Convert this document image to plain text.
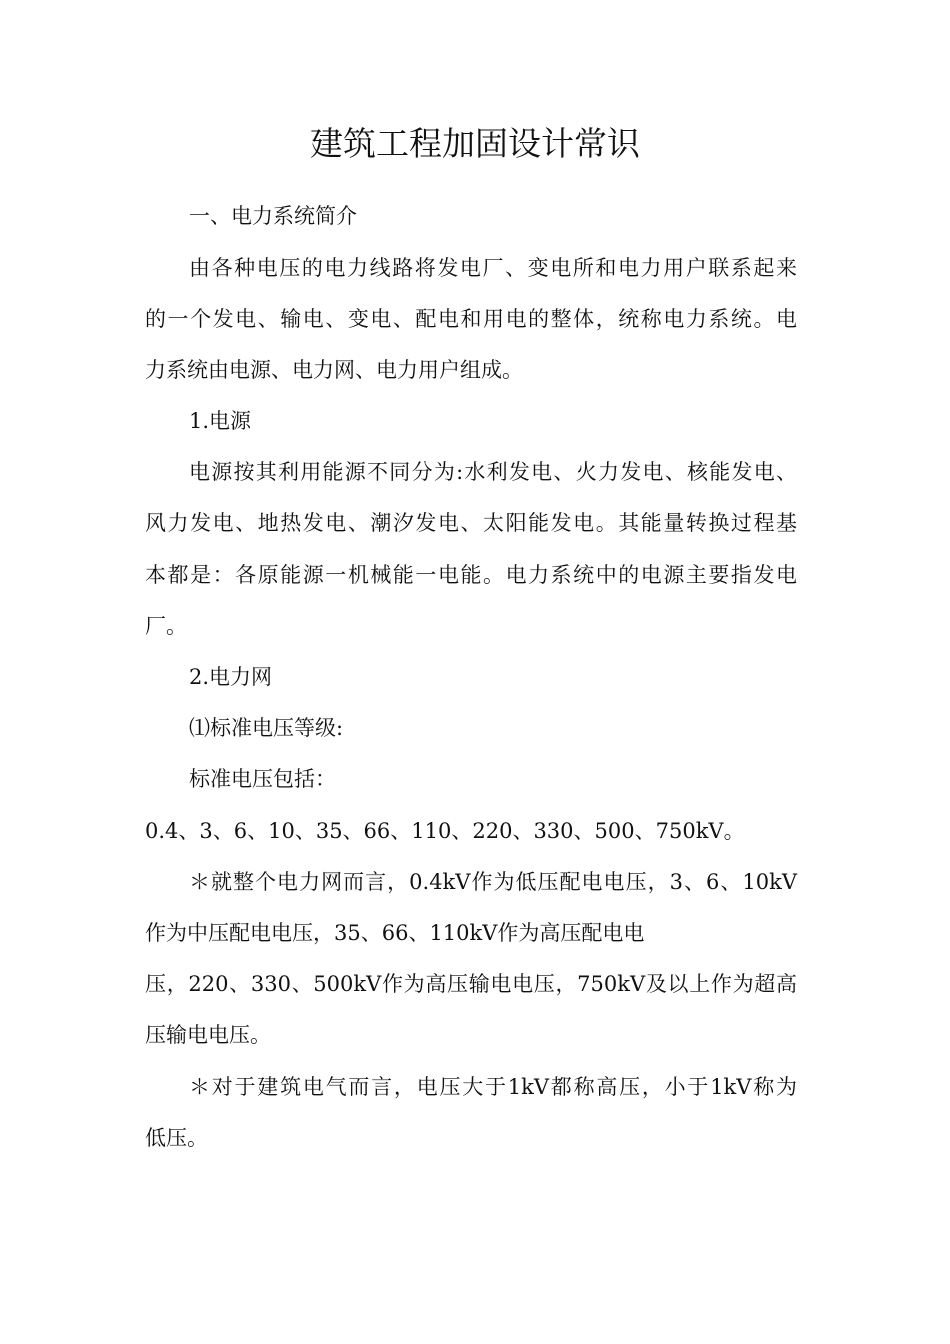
建筑工程加固设计常识
一、电力系统简介
由各种电压的电力线路将发电厂、变电所和电力用户联系起来
的一个发电、输电、变电、配电和用电的整体，统称电力系统。电
力系统由电源、电力网、电力用户组成。
1.电源
电源按其利用能源不同分为:水利发电、火力发电、核能发电、
风力发电、地热发电、潮汐发电、太阳能发电。其能量转换过程基
本都是：各原能源一机械能一电能。电力系统中的电源主要指发电
厂。
2.电力网
⑴标准电压等级:
标准电压包括：
0.4、3、6、10、35、66、110、220、330、500、750kV。
＊就整个电力网而言，0.4kV作为低压配电电压，3、6、10kV
作为中压配电电压，35、66、110kV作为高压配电电
压，220、330、500kV作为高压输电电压，750kV及以上作为超高
压输电电压。
＊对于建筑电气而言，电压大于1kV都称高压，小于1kV称为
低压。
